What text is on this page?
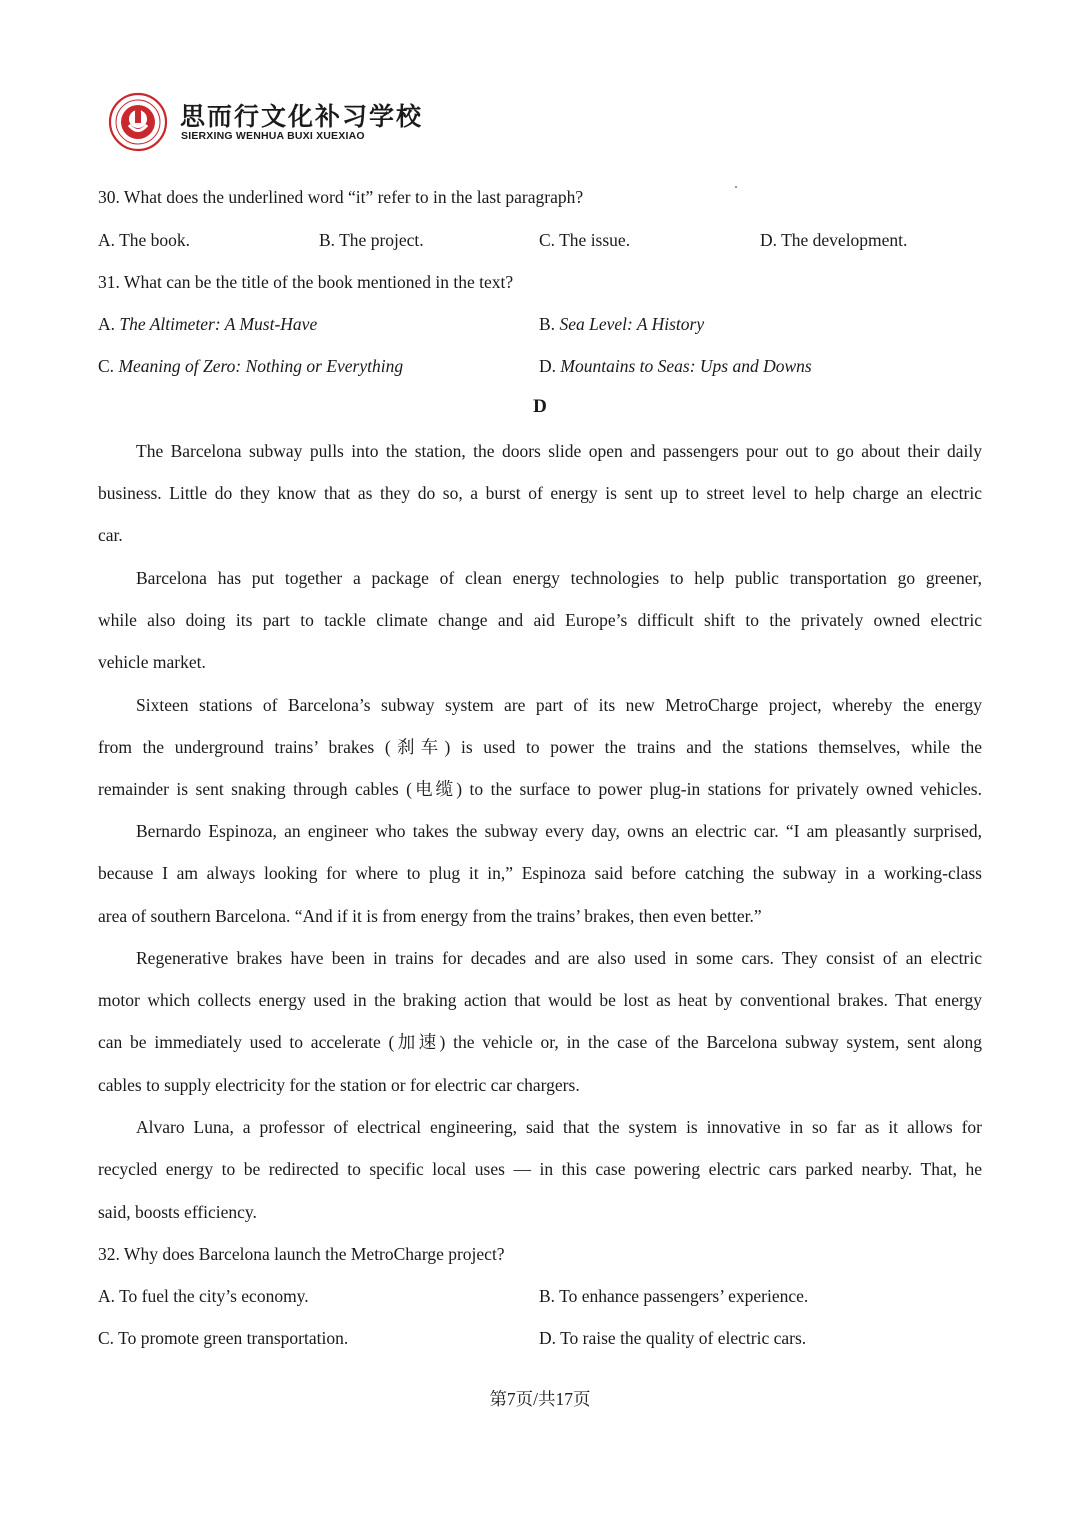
思而行文化补习学校
SIERXING WENHUA BUXI XUEXIAO
30. What does the underlined word “it” refer to in the last paragraph?
A. The book.	B. The project.	C. The issue.	D. The development.
31. What can be the title of the book mentioned in the text?
A. The Altimeter: A Must-Have	B. Sea Level: A History
C. Meaning of Zero: Nothing or Everything	D. Mountains to Seas: Ups and Downs
D
The Barcelona subway pulls into the station, the doors slide open and passengers pour out to go about their daily
business. Little do they know that as they do so, a burst of energy is sent up to street level to help charge an electric
car.
Barcelona has put together a package of clean energy technologies to help public transportation go greener,
while also doing its part to tackle climate change and aid Europe’s difficult shift to the privately owned electric
vehicle market.
Sixteen stations of Barcelona’s subway system are part of its new MetroCharge project, whereby the energy
from the underground trains’ brakes (刹车) is used to power the trains and the stations themselves, while the
remainder is sent snaking through cables (电缆) to the surface to power plug-in stations for privately owned vehicles.
Bernardo Espinoza, an engineer who takes the subway every day, owns an electric car. “I am pleasantly surprised,
because I am always looking for where to plug it in,” Espinoza said before catching the subway in a working-class
area of southern Barcelona. “And if it is from energy from the trains’ brakes, then even better.”
Regenerative brakes have been in trains for decades and are also used in some cars. They consist of an electric
motor which collects energy used in the braking action that would be lost as heat by conventional brakes. That energy
can be immediately used to accelerate (加速) the vehicle or, in the case of the Barcelona subway system, sent along
cables to supply electricity for the station or for electric car chargers.
Alvaro Luna, a professor of electrical engineering, said that the system is innovative in so far as it allows for
recycled energy to be redirected to specific local uses — in this case powering electric cars parked nearby. That, he
said, boosts efficiency.
32. Why does Barcelona launch the MetroCharge project?
A. To fuel the city’s economy.	B. To enhance passengers’ experience.
C. To promote green transportation.	D. To raise the quality of electric cars.
第7页/共17页
